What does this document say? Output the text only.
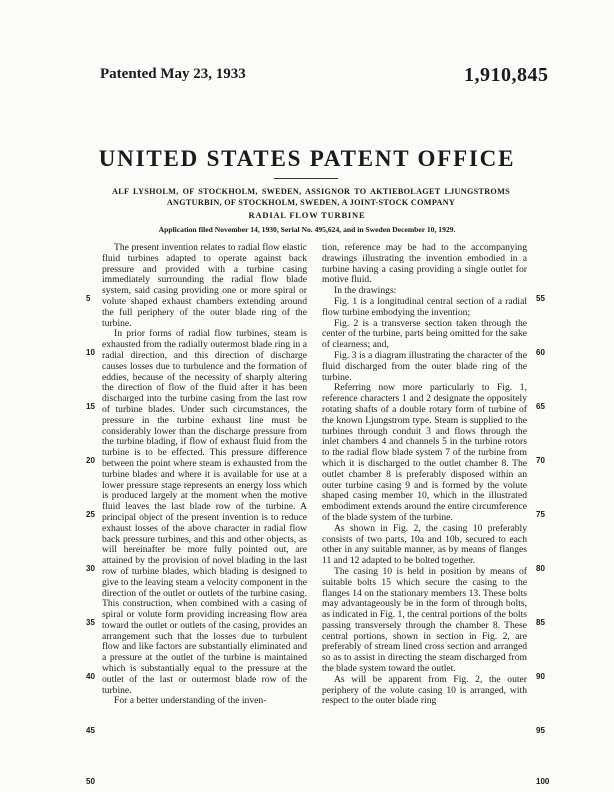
Patented May 23, 1933	1,910,845
UNITED STATES PATENT OFFICE
ALF LYSHOLM, OF STOCKHOLM, SWEDEN, ASSIGNOR TO AKTIEBOLAGET LJUNGSTROMS ANGTURBIN, OF STOCKHOLM, SWEDEN, A JOINT-STOCK COMPANY
RADIAL FLOW TURBINE
Application filed November 14, 1930, Serial No. 495,624, and in Sweden December 10, 1929.

The present invention relates to radial flow elastic fluid turbines adapted to operate against back pressure and provided with a turbine casing immediately surrounding the radial flow blade system, said casing providing one or more spiral or volute shaped exhaust chambers extending around the full periphery of the outer blade ring of the turbine.

In prior forms of radial flow turbines, steam is exhausted from the radially outermost blade ring in a radial direction, and this direction of discharge causes losses due to turbulence and the formation of eddies, because of the necessity of sharply altering the direction of flow of the fluid after it has been discharged into the turbine casing from the last row of turbine blades. Under such circumstances, the pressure in the turbine exhaust line must be considerably lower than the discharge pressure from the turbine blading, if flow of exhaust fluid from the turbine is to be effected. This pressure difference between the point where steam is exhausted from the turbine blades and where it is available for use at a lower pressure stage represents an energy loss which is produced largely at the moment when the motive fluid leaves the last blade row of the turbine. A principal object of the present invention is to reduce exhaust losses of the above character in radial flow back pressure turbines, and this and other objects, as will hereinafter be more fully pointed out, are attained by the provision of novel blading in the last row of turbine blades, which blading is designed to give to the leaving steam a velocity component in the direction of the outlet or outlets of the turbine casing. This construction, when combined with a casing of spiral or volute form providing increasing flow area toward the outlet or outlets of the casing, provides an arrangement such that the losses due to turbulent flow and like factors are substantially eliminated and a pressure at the outlet of the turbine is maintained which is substantially equal to the pressure at the outlet of the last or outermost blade row of the turbine.

For a better understanding of the inven-

tion, reference may be had to the accompanying drawings illustrating the invention embodied in a turbine having a casing providing a single outlet for motive fluid.

In the drawings:

Fig. 1 is a longitudinal central section of a radial flow turbine embodying the invention;

Fig. 2 is a transverse section taken through the center of the turbine, parts being omitted for the sake of clearness; and,

Fig. 3 is a diagram illustrating the character of the fluid discharged from the outer blade ring of the turbine.

Referring now more particularly to Fig. 1, reference characters 1 and 2 designate the oppositely rotating shafts of a double rotary form of turbine of the known Ljungstrom type. Steam is supplied to the turbines through conduit 3 and flows through the inlet chambers 4 and channels 5 in the turbine rotors to the radial flow blade system 7 of the turbine from which it is discharged to the outlet chamber 8. The outlet chamber 8 is preferably disposed within an outer turbine casing 9 and is formed by the volute shaped casing member 10, which in the illustrated embodiment extends around the entire circumference of the blade system of the turbine.

As shown in Fig. 2, the casing 10 preferably consists of two parts, 10a and 10b, secured to each other in any suitable manner, as by means of flanges 11 and 12 adapted to be bolted together.

The casing 10 is held in position by means of suitable bolts 15 which secure the casing to the flanges 14 on the stationary members 13. These bolts may advantageously be in the form of through bolts, as indicated in Fig. 1, the central portions of the bolts passing transversely through the chamber 8. These central portions, shown in section in Fig. 2, are preferably of stream lined cross section and arranged so as to assist in directing the steam discharged from the blade system toward the outlet.

As will be apparent from Fig. 2, the outer periphery of the volute casing 10 is arranged, with respect to the outer blade ring

5
10
15
20
25
30
35
40
45
50
55
60
65
70
75
80
85
90
95
100
